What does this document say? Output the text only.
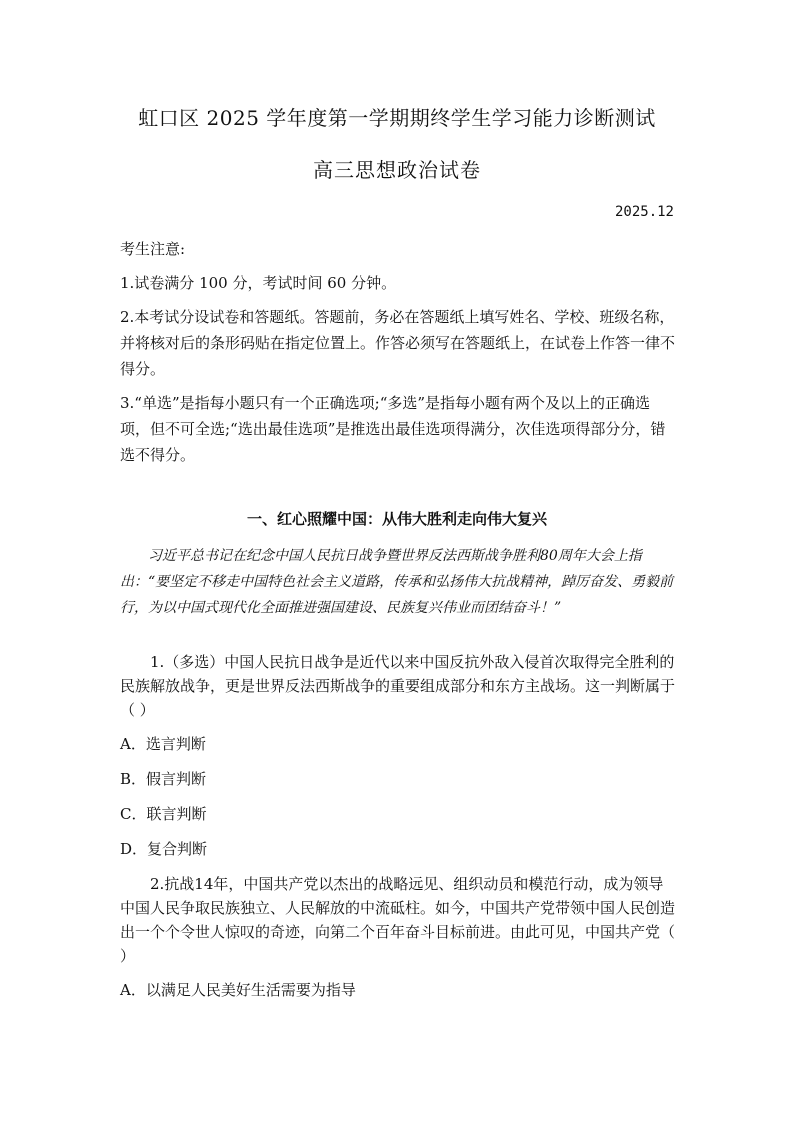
虹口区 2025 学年度第一学期期终学生学习能力诊断测试
高三思想政治试卷
2025.12

考生注意:

1.试卷满分 100 分，考试时间 60 分钟。

2.本考试分设试卷和答题纸。答题前，务必在答题纸上填写姓名、学校、班级名称，并将核对后的条形码贴在指定位置上。作答必须写在答题纸上，在试卷上作答一律不得分。

3.“单选”是指每小题只有一个正确选项;“多选”是指每小题有两个及以上的正确选项，但不可全选;“选出最佳选项”是推选出最佳选项得满分，次佳选项得部分分，错选不得分。

一、红心照耀中国：从伟大胜利走向伟大复兴

习近平总书记在纪念中国人民抗日战争暨世界反法西斯战争胜利80周年大会上指出：“要坚定不移走中国特色社会主义道路，传承和弘扬伟大抗战精神，踔厉奋发、勇毅前行，为以中国式现代化全面推进强国建设、民族复兴伟业而团结奋斗！”

1.（多选）中国人民抗日战争是近代以来中国反抗外敌入侵首次取得完全胜利的民族解放战争，更是世界反法西斯战争的重要组成部分和东方主战场。这一判断属于（ ）

A．选言判断

B．假言判断

C．联言判断

D．复合判断

2.抗战14年，中国共产党以杰出的战略远见、组织动员和模范行动，成为领导中国人民争取民族独立、人民解放的中流砥柱。如今，中国共产党带领中国人民创造出一个个令世人惊叹的奇迹，向第二个百年奋斗目标前进。由此可见，中国共产党（ ）

A．以满足人民美好生活需要为指导
